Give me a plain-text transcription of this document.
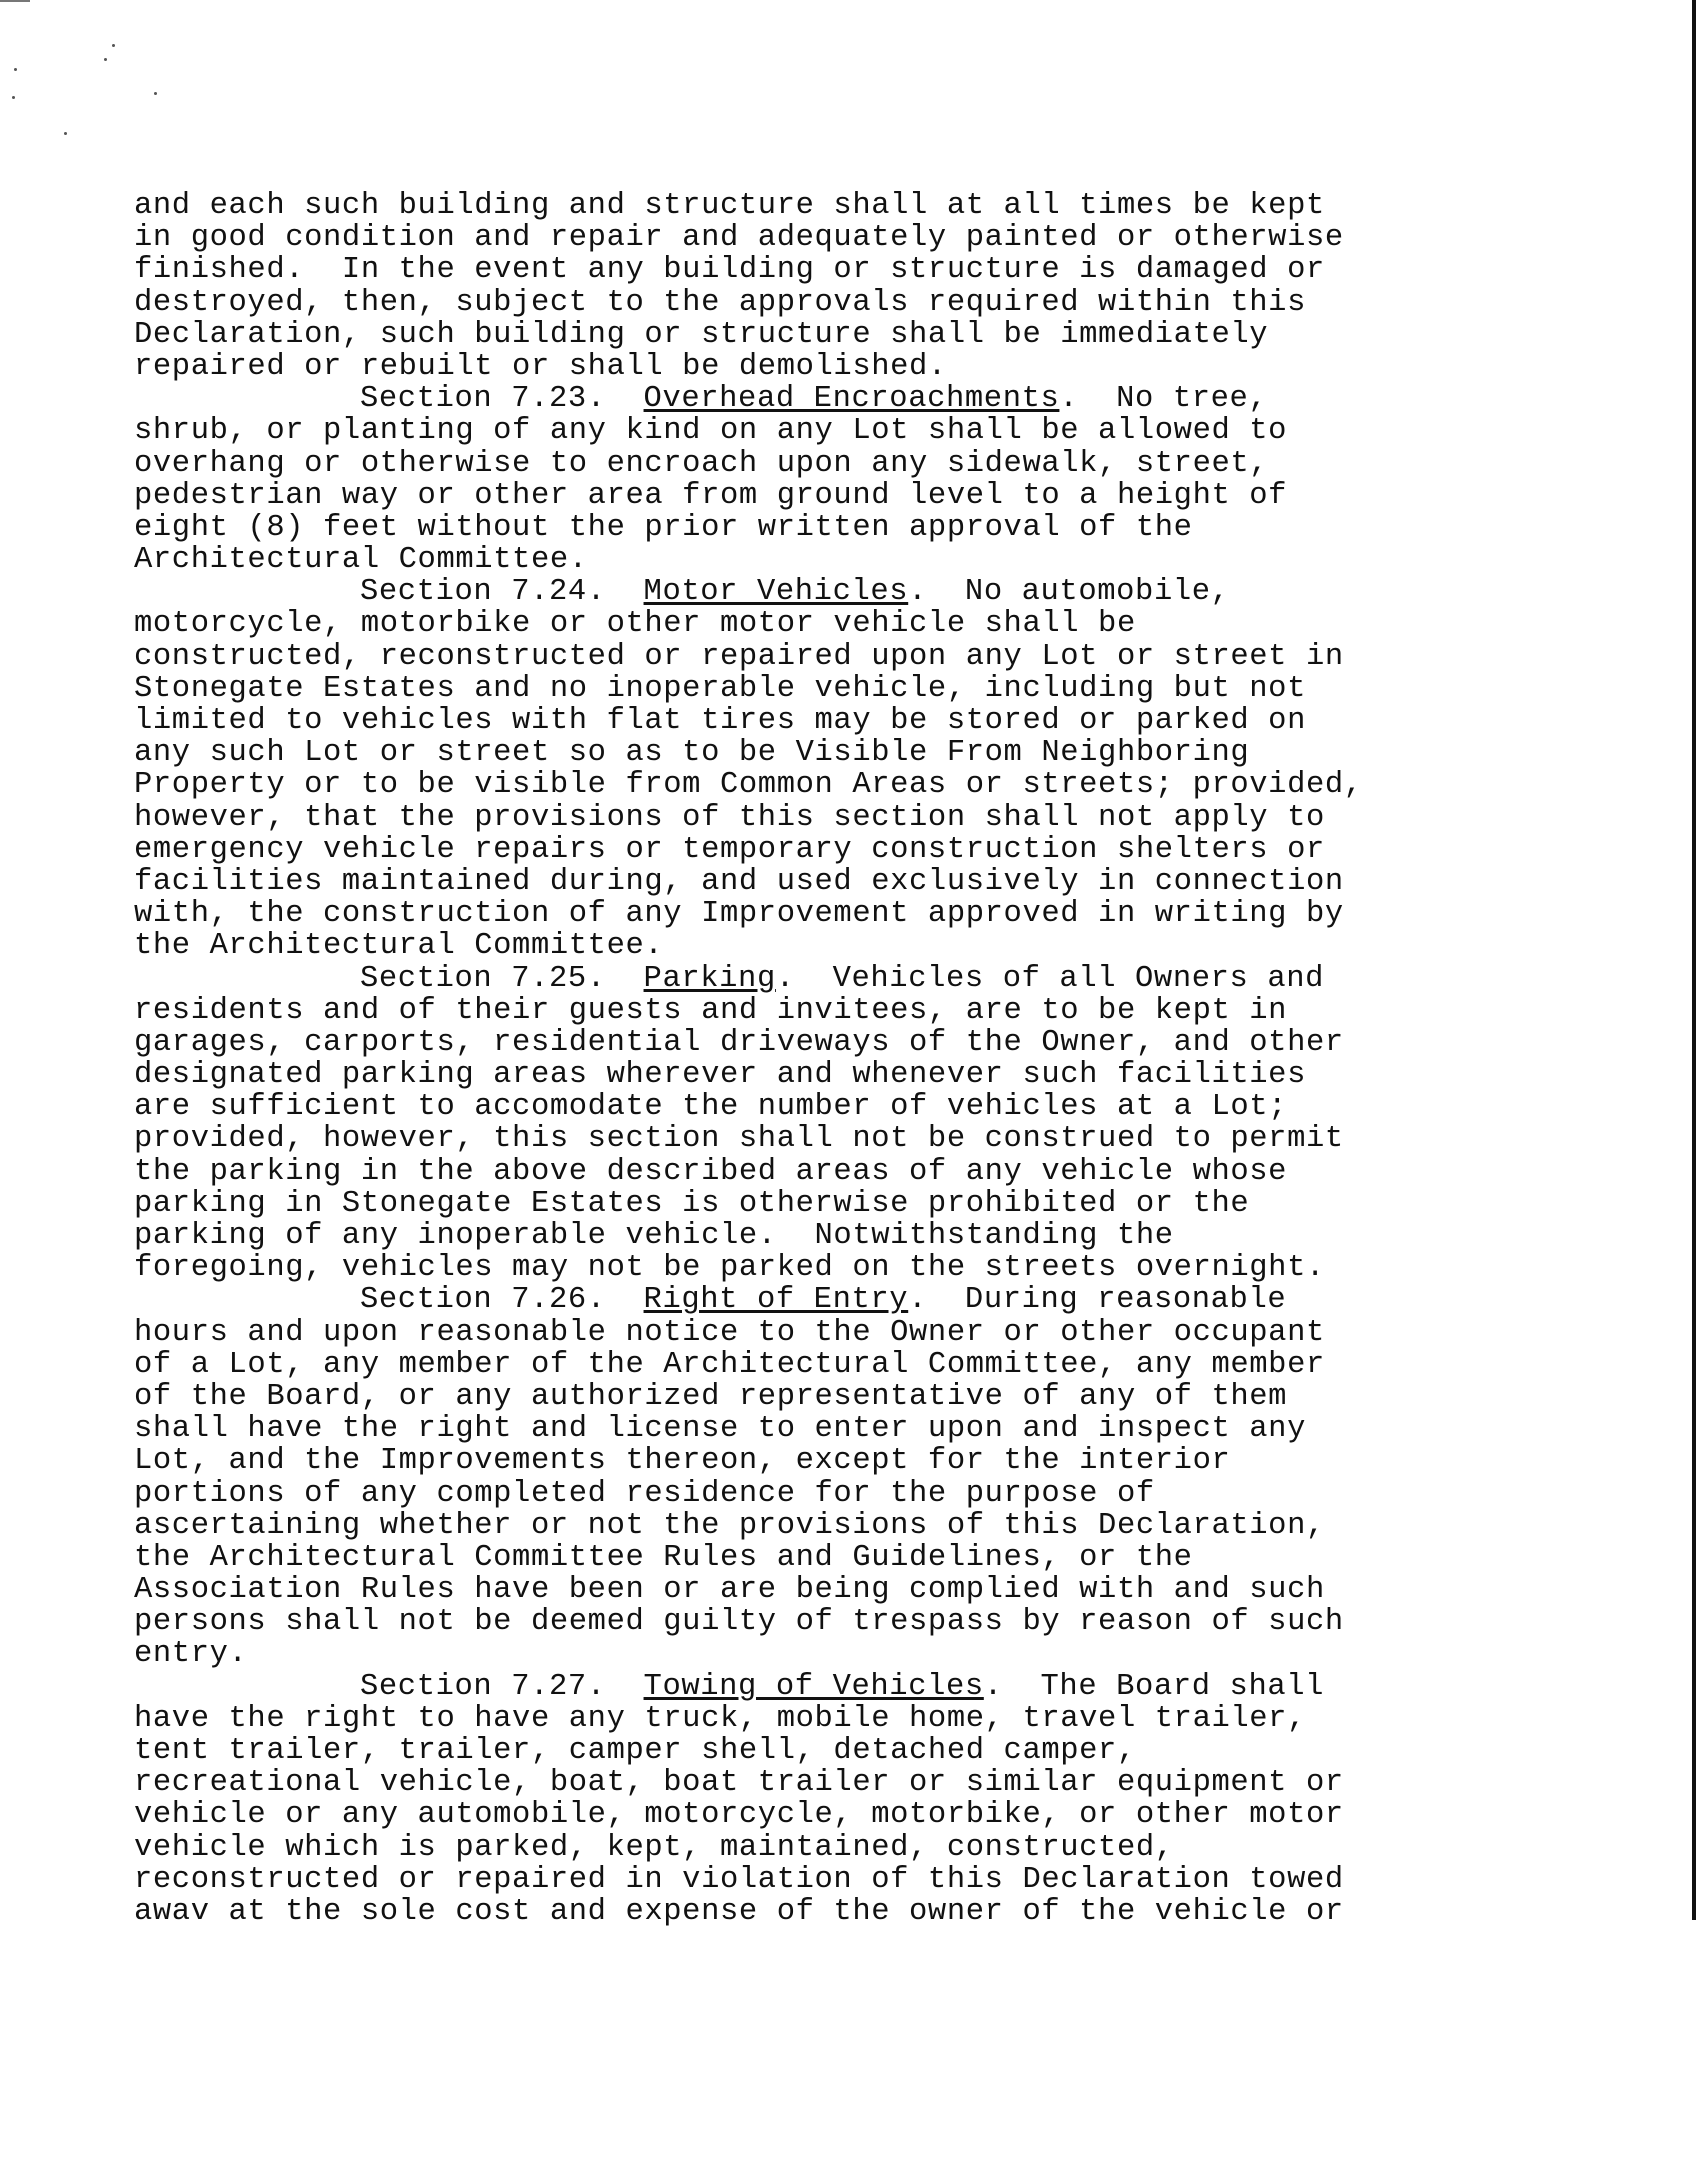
and each such building and structure shall at all times be kept
in good condition and repair and adequately painted or otherwise
finished.  In the event any building or structure is damaged or
destroyed, then, subject to the approvals required within this
Declaration, such building or structure shall be immediately
repaired or rebuilt or shall be demolished.
Section 7.23.  Overhead Encroachments.  No tree,
shrub, or planting of any kind on any Lot shall be allowed to
overhang or otherwise to encroach upon any sidewalk, street,
pedestrian way or other area from ground level to a height of
eight (8) feet without the prior written approval of the
Architectural Committee.
Section 7.24.  Motor Vehicles.  No automobile,
motorcycle, motorbike or other motor vehicle shall be
constructed, reconstructed or repaired upon any Lot or street in
Stonegate Estates and no inoperable vehicle, including but not
limited to vehicles with flat tires may be stored or parked on
any such Lot or street so as to be Visible From Neighboring
Property or to be visible from Common Areas or streets; provided,
however, that the provisions of this section shall not apply to
emergency vehicle repairs or temporary construction shelters or
facilities maintained during, and used exclusively in connection
with, the construction of any Improvement approved in writing by
the Architectural Committee.
Section 7.25.  Parking.  Vehicles of all Owners and
residents and of their guests and invitees, are to be kept in
garages, carports, residential driveways of the Owner, and other
designated parking areas wherever and whenever such facilities
are sufficient to accomodate the number of vehicles at a Lot;
provided, however, this section shall not be construed to permit
the parking in the above described areas of any vehicle whose
parking in Stonegate Estates is otherwise prohibited or the
parking of any inoperable vehicle.  Notwithstanding the
foregoing, vehicles may not be parked on the streets overnight.
Section 7.26.  Right of Entry.  During reasonable
hours and upon reasonable notice to the Owner or other occupant
of a Lot, any member of the Architectural Committee, any member
of the Board, or any authorized representative of any of them
shall have the right and license to enter upon and inspect any
Lot, and the Improvements thereon, except for the interior
portions of any completed residence for the purpose of
ascertaining whether or not the provisions of this Declaration,
the Architectural Committee Rules and Guidelines, or the
Association Rules have been or are being complied with and such
persons shall not be deemed guilty of trespass by reason of such
entry.
Section 7.27.  Towing of Vehicles.  The Board shall
have the right to have any truck, mobile home, travel trailer,
tent trailer, trailer, camper shell, detached camper,
recreational vehicle, boat, boat trailer or similar equipment or
vehicle or any automobile, motorcycle, motorbike, or other motor
vehicle which is parked, kept, maintained, constructed,
reconstructed or repaired in violation of this Declaration towed
awav at the sole cost and expense of the owner of the vehicle or
